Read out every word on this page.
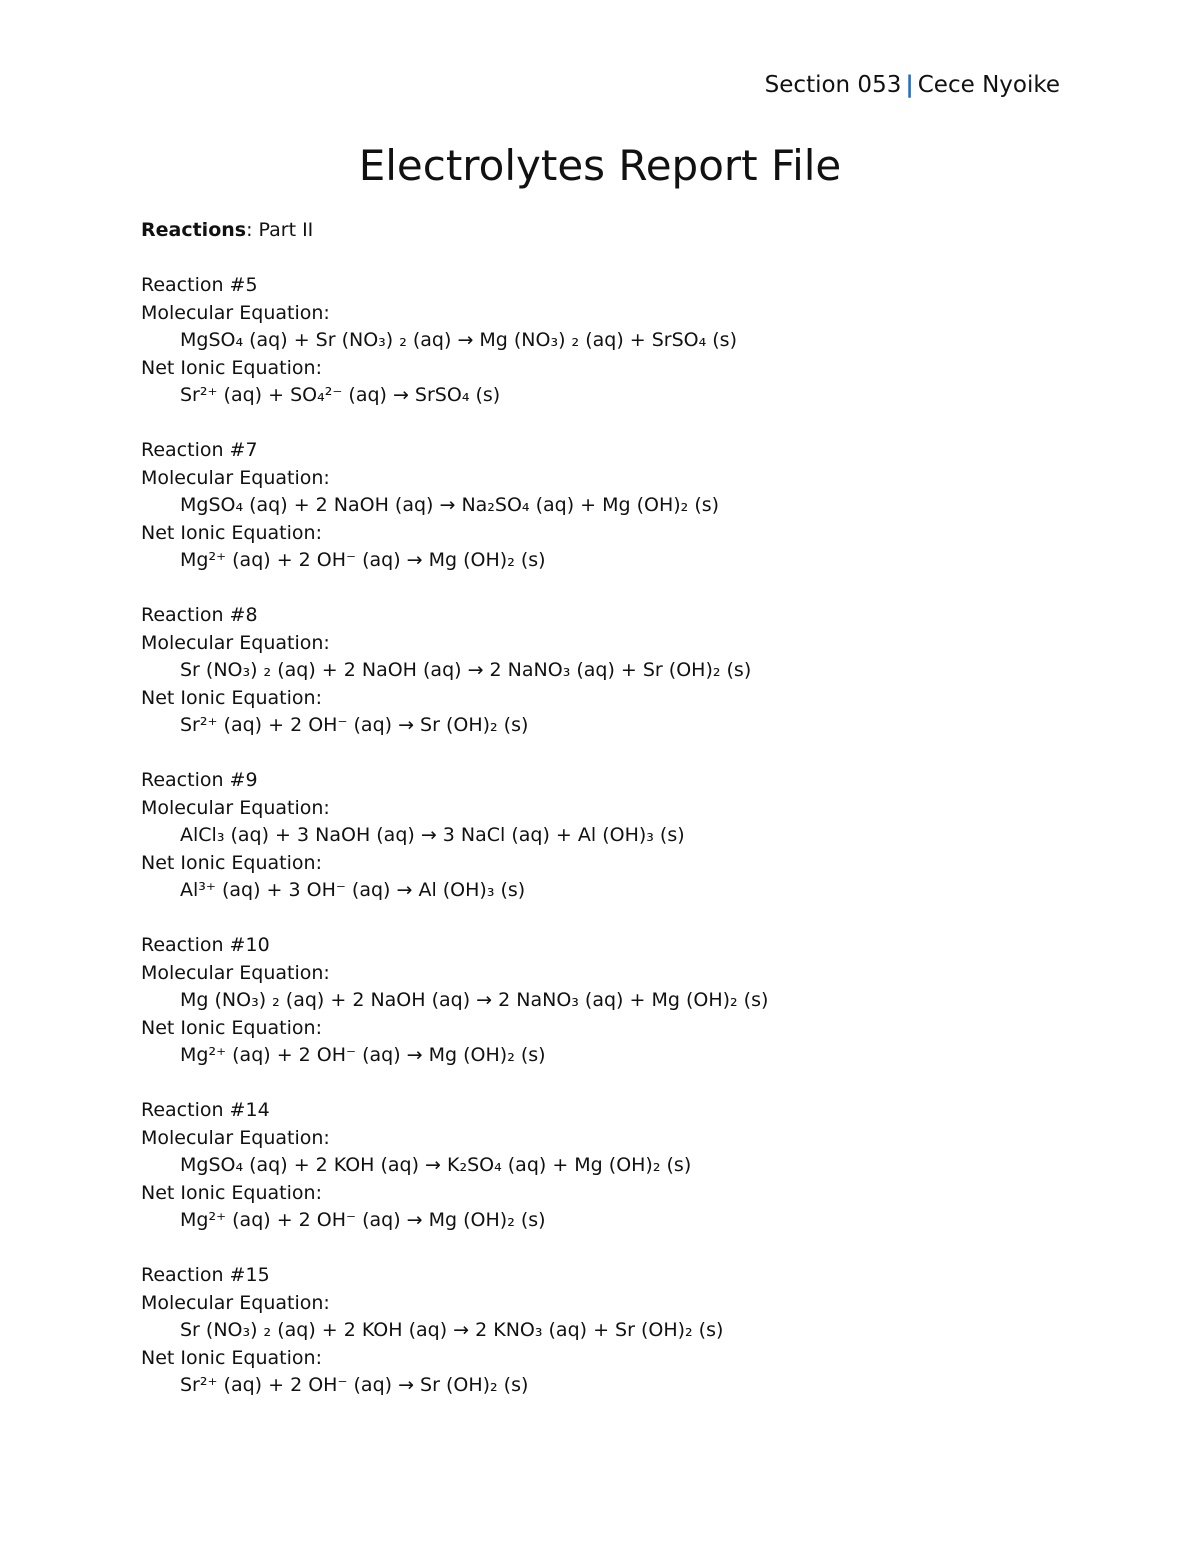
Section 053 | Cece Nyoike
Electrolytes Report File
Reactions: Part II
Reaction #5
Molecular Equation:
MgSO₄ (aq) + Sr (NO₃) ₂ (aq) → Mg (NO₃) ₂ (aq) + SrSO₄ (s)
Net Ionic Equation:
Sr²⁺ (aq) + SO₄²⁻ (aq) → SrSO₄ (s)
Reaction #7
Molecular Equation:
MgSO₄ (aq) + 2 NaOH (aq) → Na₂SO₄ (aq) + Mg (OH)₂ (s)
Net Ionic Equation:
Mg²⁺ (aq) + 2 OH⁻ (aq) → Mg (OH)₂ (s)
Reaction #8
Molecular Equation:
Sr (NO₃) ₂ (aq) + 2 NaOH (aq) → 2 NaNO₃ (aq) + Sr (OH)₂ (s)
Net Ionic Equation:
Sr²⁺ (aq) + 2 OH⁻ (aq) → Sr (OH)₂ (s)
Reaction #9
Molecular Equation:
AlCl₃ (aq) + 3 NaOH (aq) → 3 NaCl (aq) + Al (OH)₃ (s)
Net Ionic Equation:
Al³⁺ (aq) + 3 OH⁻ (aq) → Al (OH)₃ (s)
Reaction #10
Molecular Equation:
Mg (NO₃) ₂ (aq) + 2 NaOH (aq) → 2 NaNO₃ (aq) + Mg (OH)₂ (s)
Net Ionic Equation:
Mg²⁺ (aq) + 2 OH⁻ (aq) → Mg (OH)₂ (s)
Reaction #14
Molecular Equation:
MgSO₄ (aq) + 2 KOH (aq) → K₂SO₄ (aq) + Mg (OH)₂ (s)
Net Ionic Equation:
Mg²⁺ (aq) + 2 OH⁻ (aq) → Mg (OH)₂ (s)
Reaction #15
Molecular Equation:
Sr (NO₃) ₂ (aq) + 2 KOH (aq) → 2 KNO₃ (aq) + Sr (OH)₂ (s)
Net Ionic Equation:
Sr²⁺ (aq) + 2 OH⁻ (aq) → Sr (OH)₂ (s)
